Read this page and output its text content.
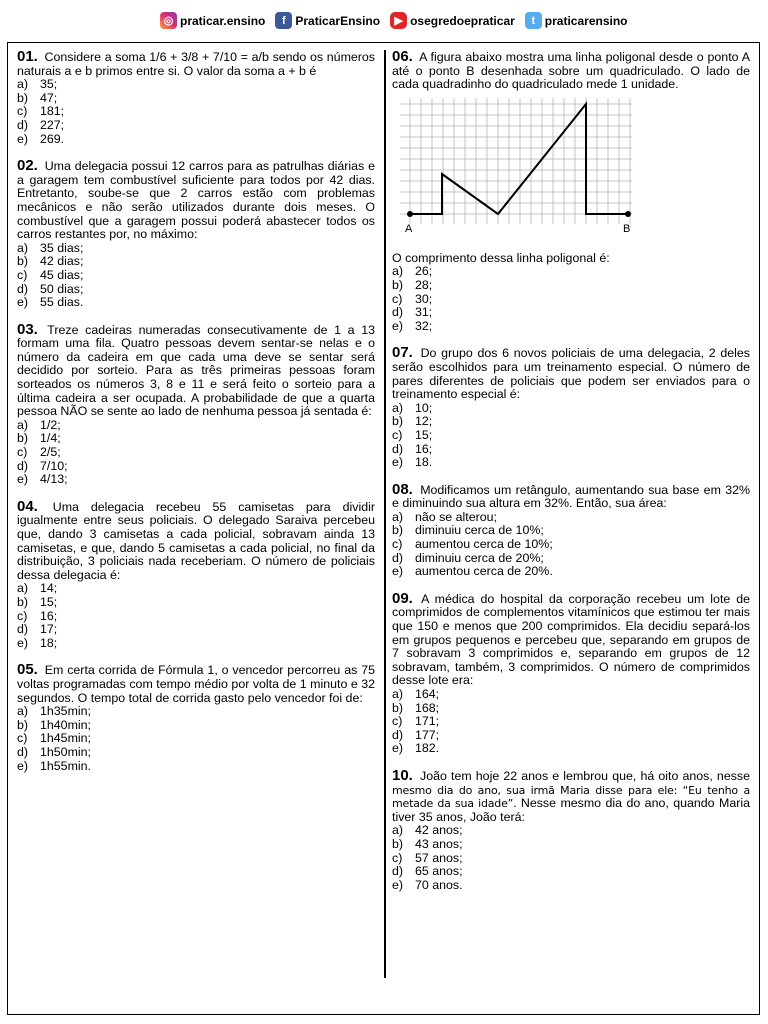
◎ praticar.ensino	f PraticarEnsino	▶ osegredoepraticar	t praticarensino
01. Considere a soma 1/6 + 3/8 + 7/10 = a/b sendo os números naturais a e b primos entre si. O valor da soma a + b é
a) 35;
b) 47;
c)	181;
d) 227;
e) 269.
02. Uma delegacia possui 12 carros para as patrulhas diárias e a garagem tem combustível suficiente para todos por 42 dias. Entretanto, soube-se que 2 carros estão com problemas mecânicos e não serão utilizados durante dois meses. O combustível que a garagem possui poderá abastecer todos os carros restantes por, no máximo:
a) 35 dias;
b) 42 dias;
c)	45 dias;
d) 50 dias;
e) 55 dias.
03. Treze cadeiras numeradas consecutivamente de 1 a 13 formam uma fila. Quatro pessoas devem sentar-se nelas e o número da cadeira em que cada uma deve se sentar será decidido por sorteio. Para as três primeiras pessoas foram sorteados os números 3, 8 e 11 e será feito o sorteio para a última cadeira a ser ocupada. A probabilidade de que a quarta pessoa NÃO se sente ao lado de nenhuma pessoa já sentada é:
a) 1/2;
b) 1/4;
c)	2/5;
d) 7/10;
e) 4/13;
04. Uma delegacia recebeu 55 camisetas para dividir igualmente entre seus policiais. O delegado Saraiva percebeu que, dando 3 camisetas a cada policial, sobravam ainda 13 camisetas, e que, dando 5 camisetas a cada policial, no final da distribuição, 3 policiais nada receberiam. O número de policiais dessa delegacia é:
a) 14;
b) 15;
c)	16;
d) 17;
e) 18;
05. Em certa corrida de Fórmula 1, o vencedor percorreu as 75 voltas programadas com tempo médio por volta de 1 minuto e 32 segundos. O tempo total de corrida gasto pelo vencedor foi de:
a) 1h35min;
b) 1h40min;
c)	1h45min;
d) 1h50min;
e) 1h55min.
06. A figura abaixo mostra uma linha poligonal desde o ponto A até o ponto B desenhada sobre um quadriculado. O lado de cada quadradinho do quadriculado mede 1 unidade.
A	B
O comprimento dessa linha poligonal é:
a) 26;
b) 28;
c)	30;
d) 31;
e) 32;
07. Do grupo dos 6 novos policiais de uma delegacia, 2 deles serão escolhidos para um treinamento especial. O número de pares diferentes de policiais que podem ser enviados para o treinamento especial é:
a) 10;
b) 12;
c)	15;
d) 16;
e) 18.
08. Modificamos um retângulo, aumentando sua base em 32% e diminuindo sua altura em 32%. Então, sua área:
a) não se alterou;
b) diminuiu cerca de 10%;
c)	aumentou cerca de 10%;
d) diminuiu cerca de 20%;
e) aumentou cerca de 20%.
09. A médica do hospital da corporação recebeu um lote de comprimidos de complementos vitamínicos que estimou ter mais que 150 e menos que 200 comprimidos. Ela decidiu separá-los em grupos pequenos e percebeu que, separando em grupos de 7 sobravam 3 comprimidos e, separando em grupos de 12 sobravam, também, 3 comprimidos. O número de comprimidos desse lote era:
a) 164;
b) 168;
c)	171;
d) 177;
e) 182.
10. João tem hoje 22 anos e lembrou que, há oito anos, nesse mesmo dia do ano, sua irmã Maria disse para ele: “Eu tenho a metade da sua idade”. Nesse mesmo dia do ano, quando Maria tiver 35 anos, João terá:
a) 42 anos;
b) 43 anos;
c)	57 anos;
d) 65 anos;
e) 70 anos.
